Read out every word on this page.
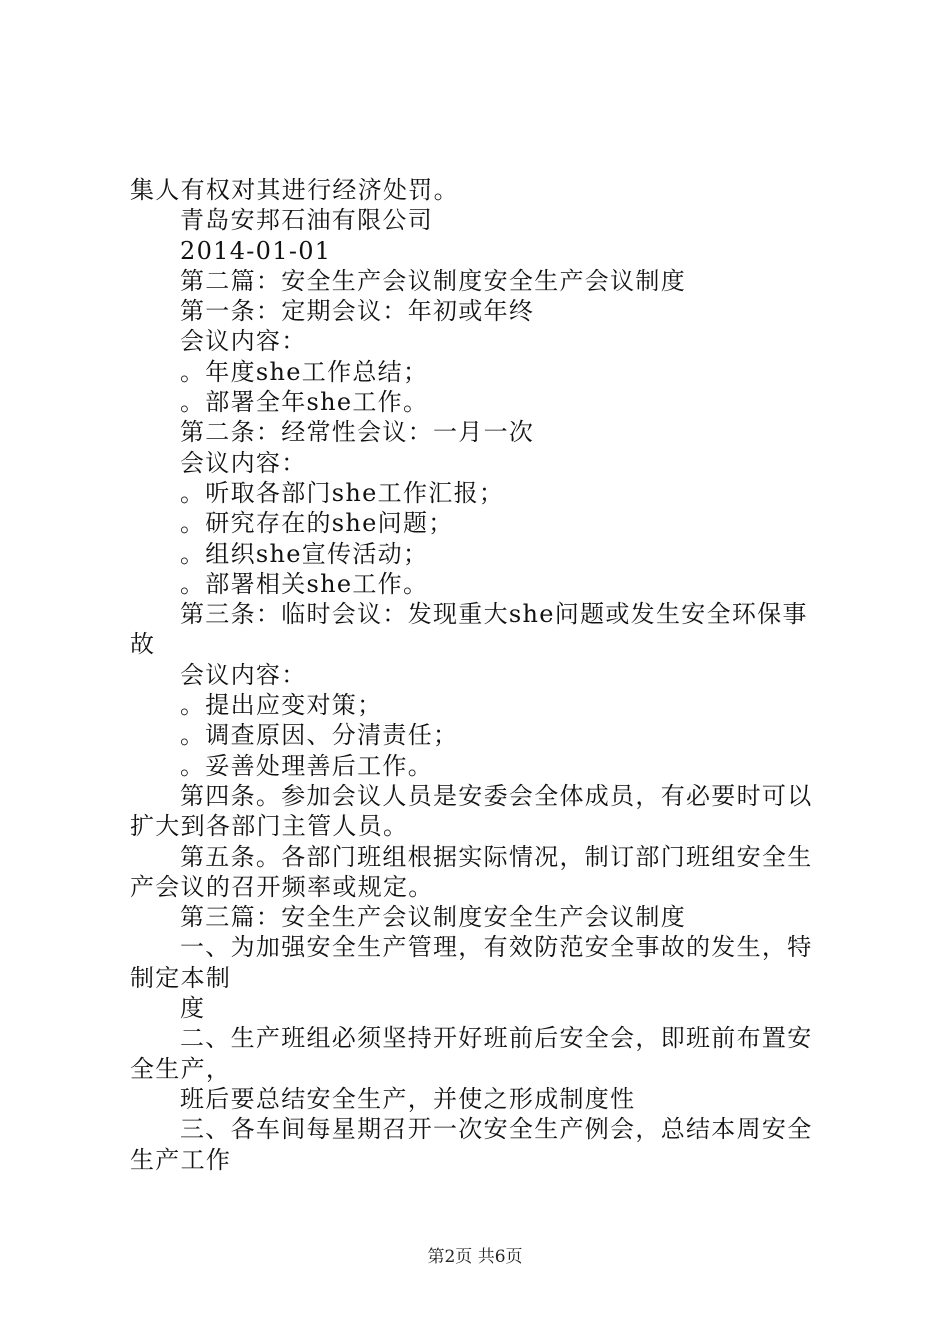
集人有权对其进行经济处罚。
青岛安邦石油有限公司
2014-01-01
第二篇：安全生产会议制度安全生产会议制度
第一条：定期会议：年初或年终
会议内容：
。年度she工作总结；
。部署全年she工作。
第二条：经常性会议：一月一次
会议内容：
。听取各部门she工作汇报；
。研究存在的she问题；
。组织she宣传活动；
。部署相关she工作。
第三条：临时会议：发现重大she问题或发生安全环保事
故
会议内容：
。提出应变对策；
。调查原因、分清责任；
。妥善处理善后工作。
第四条。参加会议人员是安委会全体成员，有必要时可以
扩大到各部门主管人员。
第五条。各部门班组根据实际情况，制订部门班组安全生
产会议的召开频率或规定。
第三篇：安全生产会议制度安全生产会议制度
一、为加强安全生产管理，有效防范安全事故的发生，特
制定本制
度
二、生产班组必须坚持开好班前后安全会，即班前布置安
全生产，
班后要总结安全生产，并使之形成制度性
三、各车间每星期召开一次安全生产例会，总结本周安全
生产工作
第2页 共6页
